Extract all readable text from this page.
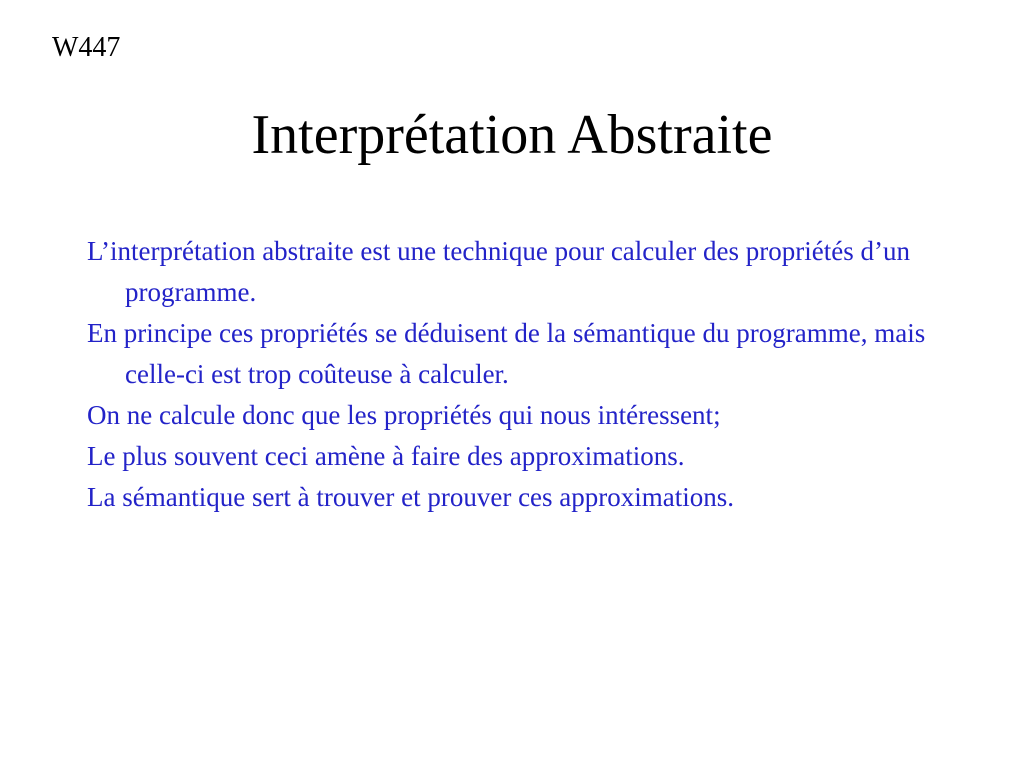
W447
Interprétation Abstraite
L’interprétation abstraite est une technique pour calculer des propriétés d’un programme.
En principe ces propriétés se déduisent de la sémantique du programme, mais celle-ci est trop coûteuse à calculer.
On ne calcule donc que les propriétés qui nous intéressent;
Le plus souvent ceci amène à faire des approximations.
La sémantique sert à trouver et prouver ces approximations.
